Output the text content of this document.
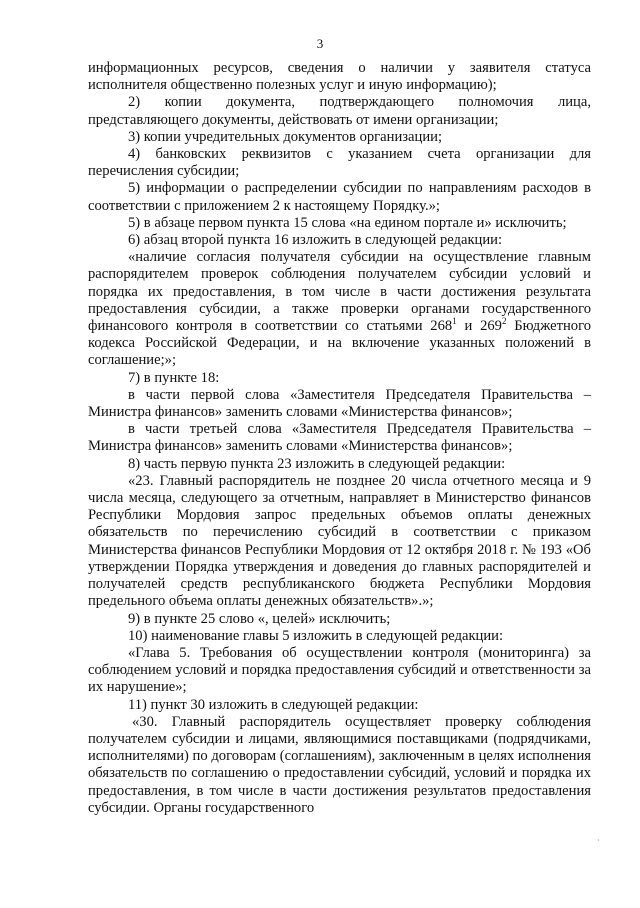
3

информационных ресурсов, сведения о наличии у заявителя статуса исполнителя общественно полезных услуг и иную информацию);

2) копии документа, подтверждающего полномочия лица, представляющего документы, действовать от имени организации;

3) копии учредительных документов организации;

4) банковских реквизитов с указанием счета организации для перечисления субсидии;

5) информации о распределении субсидии по направлениям расходов в соответствии с приложением 2 к настоящему Порядку.»;

5) в абзаце первом пункта 15 слова «на едином портале и» исключить;

6) абзац второй пункта 16 изложить в следующей редакции:

«наличие согласия получателя субсидии на осуществление главным распорядителем проверок соблюдения получателем субсидии условий и порядка их предоставления, в том числе в части достижения результата предоставления субсидии, а также проверки органами государственного финансового контроля в соответствии со статьями $268^1$ и $269^2$ Бюджетного кодекса Российской Федерации, и на включение указанных положений в соглашение;»;

7) в пункте 18:

в части первой слова «Заместителя Председателя Правительства – Министра финансов» заменить словами «Министерства финансов»;

в части третьей слова «Заместителя Председателя Правительства – Министра финансов» заменить словами «Министерства финансов»;

8) часть первую пункта 23 изложить в следующей редакции:

«23. Главный распорядитель не позднее 20 числа отчетного месяца и 9 числа месяца, следующего за отчетным, направляет в Министерство финансов Республики Мордовия запрос предельных объемов оплаты денежных обязательств по перечислению субсидий в соответствии с приказом Министерства финансов Республики Мордовия от 12 октября 2018 г. № 193 «Об утверждении Порядка утверждения и доведения до главных распорядителей и получателей средств республиканского бюджета Республики Мордовия предельного объема оплаты денежных обязательств».»;

9) в пункте 25 слово «, целей» исключить;

10) наименование главы 5 изложить в следующей редакции:

«Глава 5. Требования об осуществлении контроля (мониторинга) за соблюдением условий и порядка предоставления субсидий и ответственности за их нарушение»;

11) пункт 30 изложить в следующей редакции:

«30. Главный распорядитель осуществляет проверку соблюдения получателем субсидии и лицами, являющимися поставщиками (подрядчиками, исполнителями) по договорам (соглашениям), заключенным в целях исполнения обязательств по соглашению о предоставлении субсидий, условий и порядка их предоставления, в том числе в части достижения результатов предоставления субсидии. Органы государственного

·
